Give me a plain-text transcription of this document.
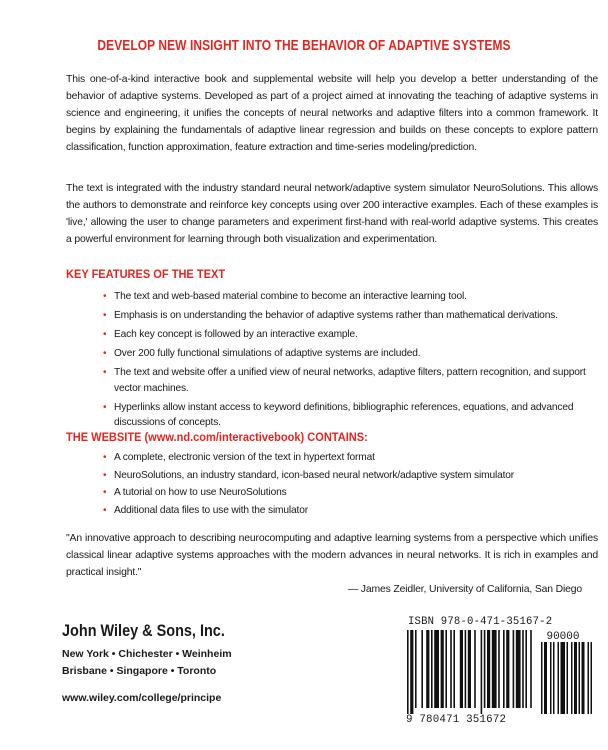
DEVELOP NEW INSIGHT INTO THE BEHAVIOR OF ADAPTIVE SYSTEMS
This one-of-a-kind interactive book and supplemental website will help you develop a better understanding of the behavior of adaptive systems. Developed as part of a project aimed at innovating the teaching of adaptive systems in science and engineering, it unifies the concepts of neural networks and adaptive filters into a common framework. It begins by explaining the fundamentals of adaptive linear regression and builds on these concepts to explore pattern classification, function approximation, feature extraction and time-series modeling/prediction.
The text is integrated with the industry standard neural network/adaptive system simulator NeuroSolutions. This allows the authors to demonstrate and reinforce key concepts using over 200 interactive examples. Each of these examples is 'live,' allowing the user to change parameters and experiment first-hand with real-world adaptive systems. This creates a powerful environment for learning through both visualization and experimentation.
KEY FEATURES OF THE TEXT
• The text and web-based material combine to become an interactive learning tool.
• Emphasis is on understanding the behavior of adaptive systems rather than mathematical derivations.
• Each key concept is followed by an interactive example.
• Over 200 fully functional simulations of adaptive systems are included.
• The text and website offer a unified view of neural networks, adaptive filters, pattern recognition, and support vector machines.
• Hyperlinks allow instant access to keyword definitions, bibliographic references, equations, and advanced discussions of concepts.
THE WEBSITE (www.nd.com/interactivebook) CONTAINS:
• A complete, electronic version of the text in hypertext format
• NeuroSolutions, an industry standard, icon-based neural network/adaptive system simulator
• A tutorial on how to use NeuroSolutions
• Additional data files to use with the simulator
"An innovative approach to describing neurocomputing and adaptive learning systems from a perspective which unifies classical linear adaptive systems approaches with the modern advances in neural networks. It is rich in examples and practical insight."
— James Zeidler, University of California, San Diego
John Wiley & Sons, Inc.
New York • Chichester • Weinheim
Brisbane • Singapore • Toronto
www.wiley.com/college/principe
ISBN 978-0-471-35167-2
90000
9 780471 351672
